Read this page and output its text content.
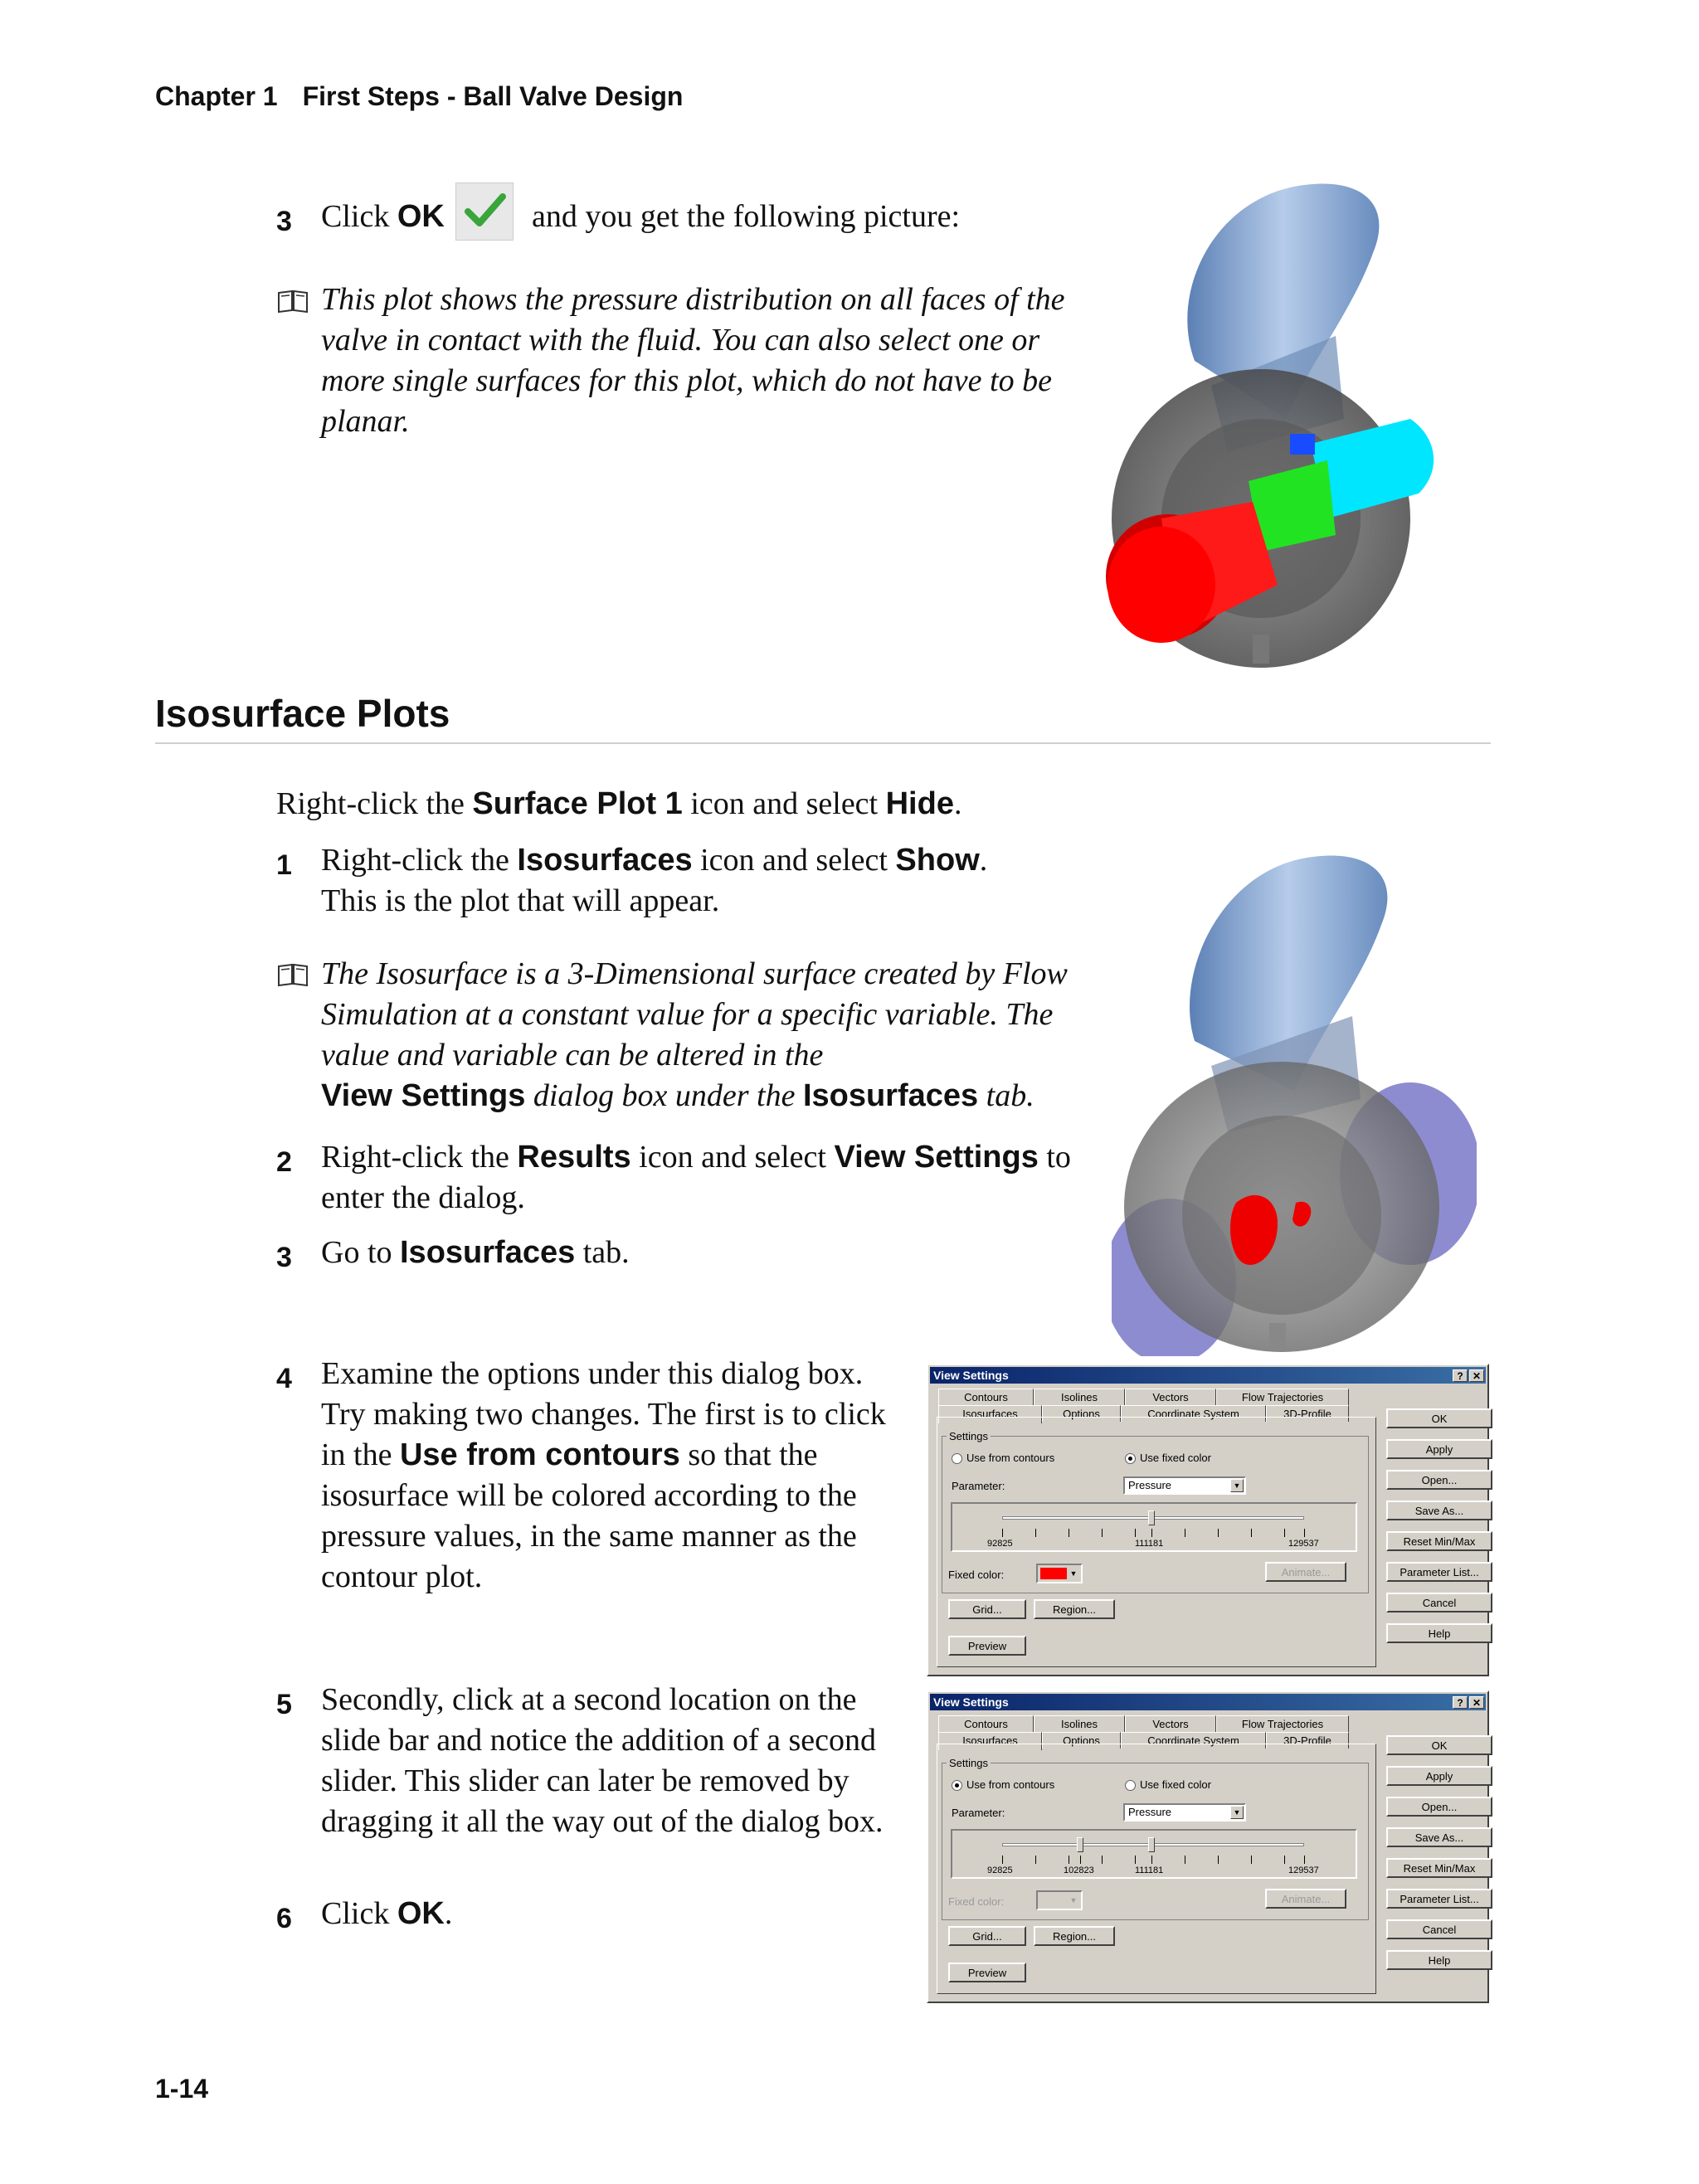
Chapter 1 First Steps - Ball Valve Design
3 Click OK	and you get the following picture:
This plot shows the pressure distribution on all faces of the valve in contact with the fluid. You can also select one or more single surfaces for this plot, which do not have to be planar.
Isosurface Plots
Right-click the Surface Plot 1 icon and select Hide.
1 Right-click the Isosurfaces icon and select Show.
This is the plot that will appear.
The Isosurface is a 3-Dimensional surface created by Flow Simulation at a constant value for a specific variable. The value and variable can be altered in the
View Settings dialog box under the Isosurfaces tab.
2 Right-click the Results icon and select View Settings to enter the dialog.
3 Go to Isosurfaces tab.
4 Examine the options under this dialog box. Try making two changes. The first is to click in the Use from contours so that the isosurface will be colored according to the pressure values, in the same manner as the contour plot.
5 Secondly, click at a second location on the slide bar and notice the addition of a second slider. This slider can later be removed by dragging it all the way out of the dialog box.
6 Click OK.
View Settings	? ✕
Contours	Isolines	Vectors	Flow Trajectories
Isosurfaces	Options	Coordinate System	3D-Profile
Settings
Use from contours	Use fixed color
Parameter:	Pressure	▼
92825	111181	129537
Fixed color:	▼	Animate...
Grid...	Region...
Preview
OK
Apply
Open...
Save As...
Reset Min/Max
Parameter List...
Cancel
Help
View Settings	? ✕
Contours	Isolines	Vectors	Flow Trajectories
Isosurfaces	Options	Coordinate System	3D-Profile
Settings
Use from contours	Use fixed color
Parameter:	Pressure	▼
92825	102823	111181	129537
Fixed color:	▼	Animate...
Grid...	Region...
Preview
OK
Apply
Open...
Save As...
Reset Min/Max
Parameter List...
Cancel
Help
1-14
